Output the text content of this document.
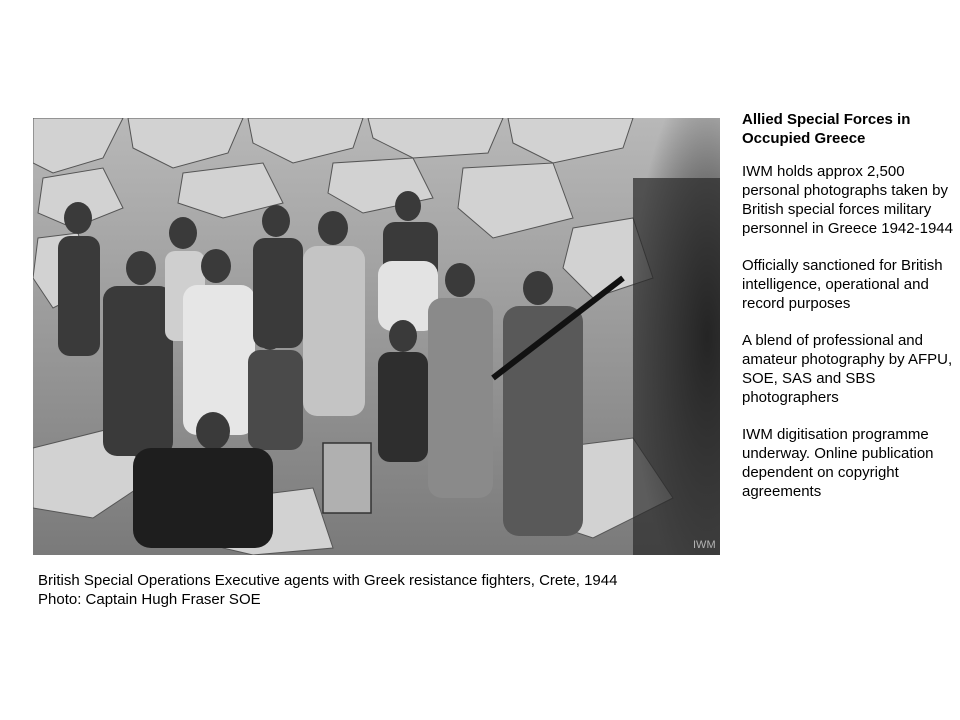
IWM
British Special Operations Executive agents with Greek resistance fighters, Crete, 1944
Photo: Captain Hugh Fraser SOE
Allied Special Forces in
Occupied Greece

IWM holds approx 2,500 personal photographs taken by British special forces military personnel in Greece 1942-1944

Officially sanctioned for British intelligence, operational and record purposes

A blend of professional and amateur photography by AFPU, SOE, SAS and SBS photographers

IWM digitisation programme underway. Online publication dependent on copyright agreements
